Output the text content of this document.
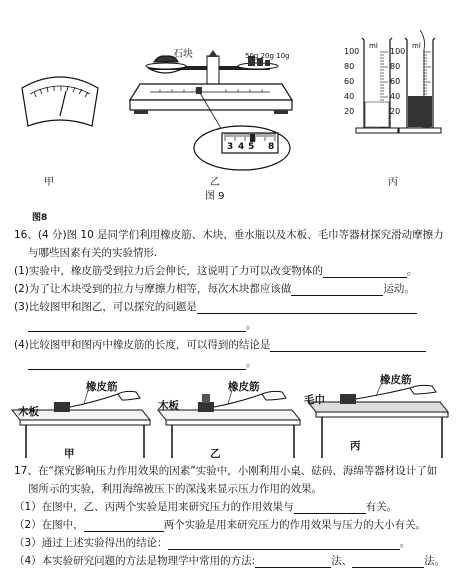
石块	50g 20g 10g
3 4 5 8
100
80
60
40
20
100
80
60
40
20
ml	ml
甲	乙	丙
图 9
图8
16、(4 分)图 10 是同学们利用橡皮筋、木块、垂水瓶以及木板、毛巾等器材探究滑动摩擦力
与哪些因素有关的实验情形.
(1)实验中，橡皮筋受到拉力后会伸长，这说明了力可以改变物体的	。
(2)为了让木块受到的拉力与摩擦力相等，每次木块都应该做	运动。
(3)比较图甲和图乙，可以探究的问题是
。
(4)比较图甲和图丙中橡皮筋的长度，可以得到的结论是
。
橡皮筋
木板
橡皮筋
木板
橡皮筋
毛巾
甲	乙
丙
17、在“探究影响压力作用效果的因素”实验中，小刚利用小桌、砝码、海绵等器材设计了如
图所示的实验，利用海绵被压下的深浅来显示压力作用的效果。
（1）在图中，乙、丙两个实验是用来研究压力的作用效果与	有关。
（2）在图中，	两个实验是用来研究压力的作用效果与压力的大小有关。
（3）通过上述实验得出的结论：	。
（4）本实验研究问题的方法是物理学中常用的方法:	法、	法。
